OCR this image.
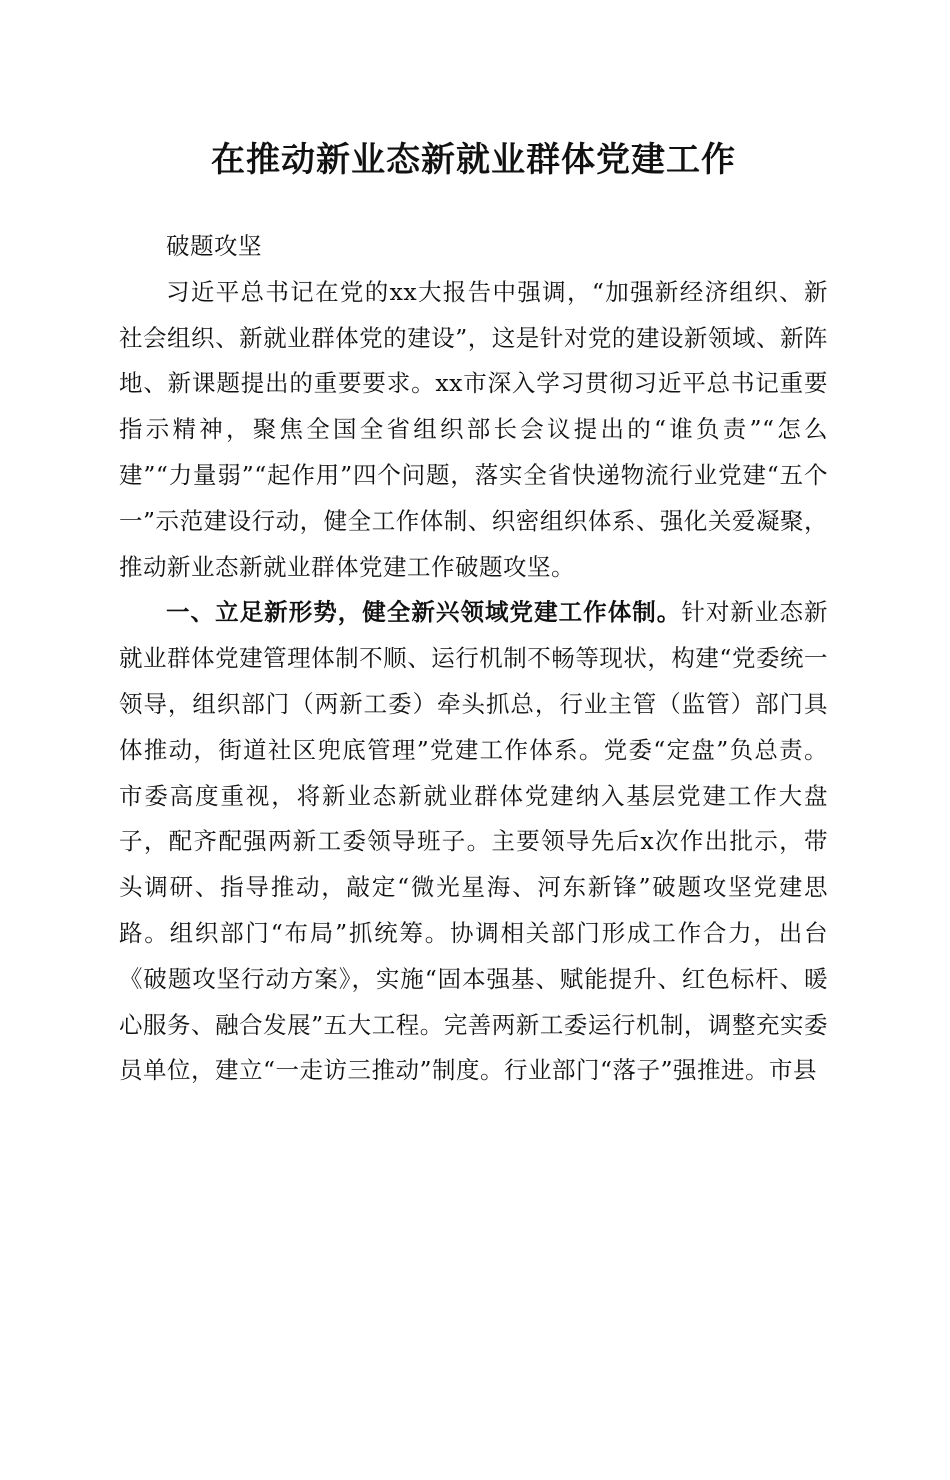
在推动新业态新就业群体党建工作

破题攻坚

习近平总书记在党的xx大报告中强调，“加强新经济组织、新社会组织、新就业群体党的建设”，这是针对党的建设新领域、新阵地、新课题提出的重要要求。xx市深入学习贯彻习近平总书记重要指示精神，聚焦全国全省组织部长会议提出的“谁负责”“怎么建”“力量弱”“起作用”四个问题，落实全省快递物流行业党建“五个一”示范建设行动，健全工作体制、织密组织体系、强化关爱凝聚，推动新业态新就业群体党建工作破题攻坚。

一、立足新形势，健全新兴领域党建工作体制。针对新业态新就业群体党建管理体制不顺、运行机制不畅等现状，构建“党委统一领导，组织部门（两新工委）牵头抓总，行业主管（监管）部门具体推动，街道社区兜底管理”党建工作体系。党委“定盘”负总责。市委高度重视，将新业态新就业群体党建纳入基层党建工作大盘子，配齐配强两新工委领导班子。主要领导先后x次作出批示，带头调研、指导推动，敲定“微光星海、河东新锋”破题攻坚党建思路。组织部门“布局”抓统筹。协调相关部门形成工作合力，出台《破题攻坚行动方案》，实施“固本强基、赋能提升、红色标杆、暖心服务、融合发展”五大工程。完善两新工委运行机制，调整充实委员单位，建立“一走访三推动”制度。行业部门“落子”强推进。市县
